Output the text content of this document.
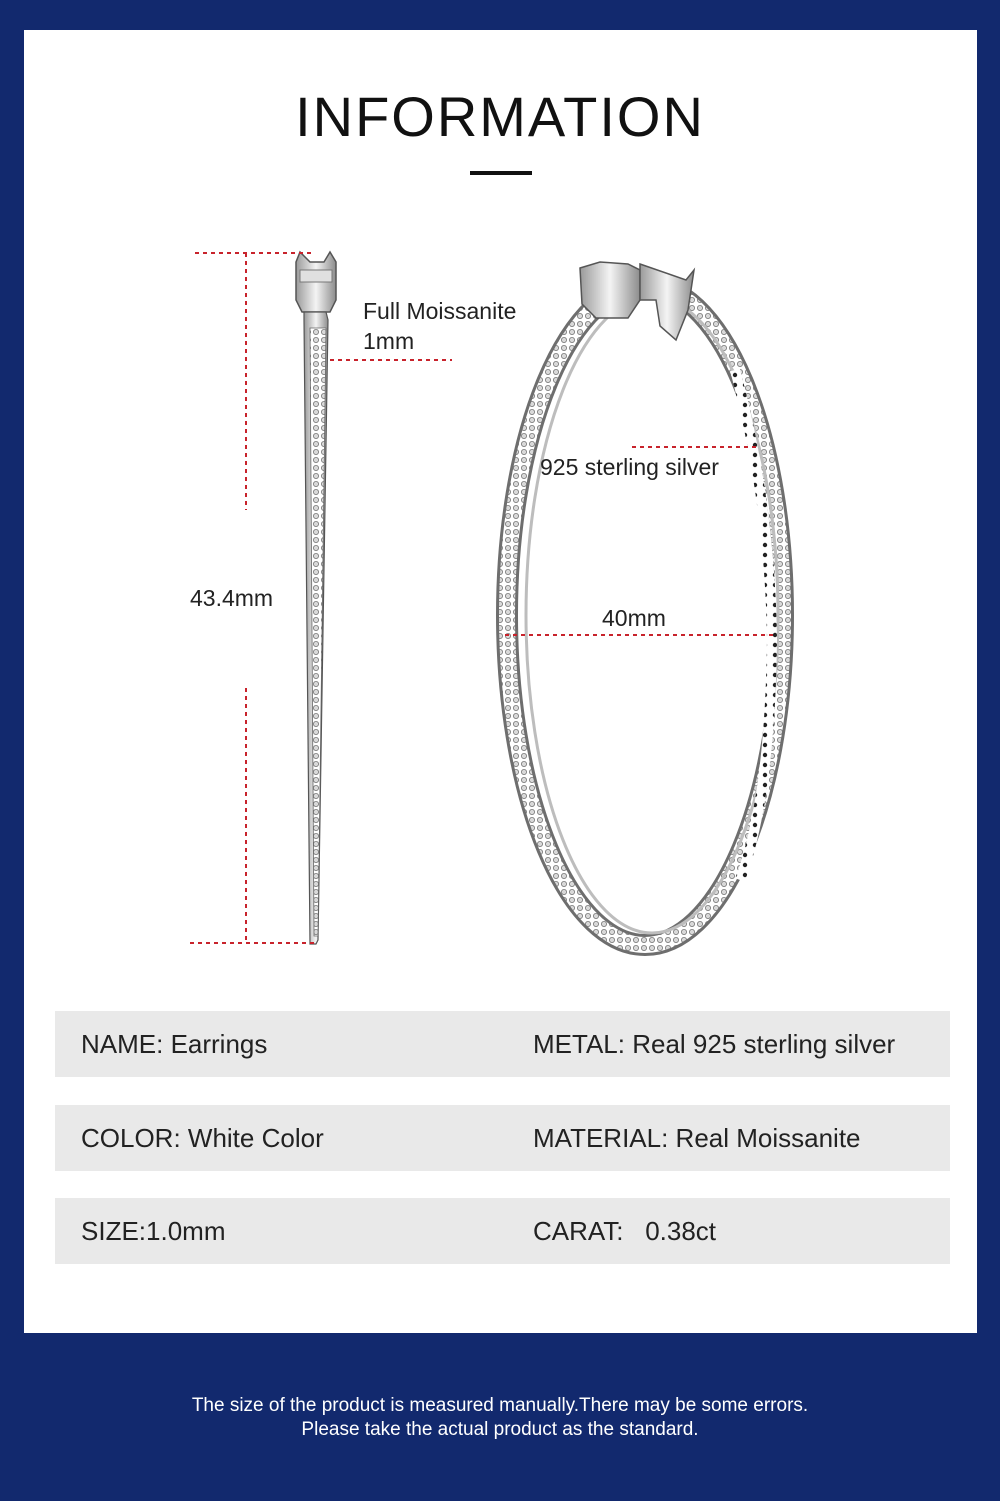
INFORMATION
43.4mm
Full Moissanite
1mm
925 sterling silver
40mm
NAME: Earrings	METAL: Real 925 sterling silver
COLOR: White Color	MATERIAL: Real Moissanite
SIZE:1.0mm	CARAT:   0.38ct
The size of the product is measured manually.There may be some errors.
Please take the actual product as the standard.
